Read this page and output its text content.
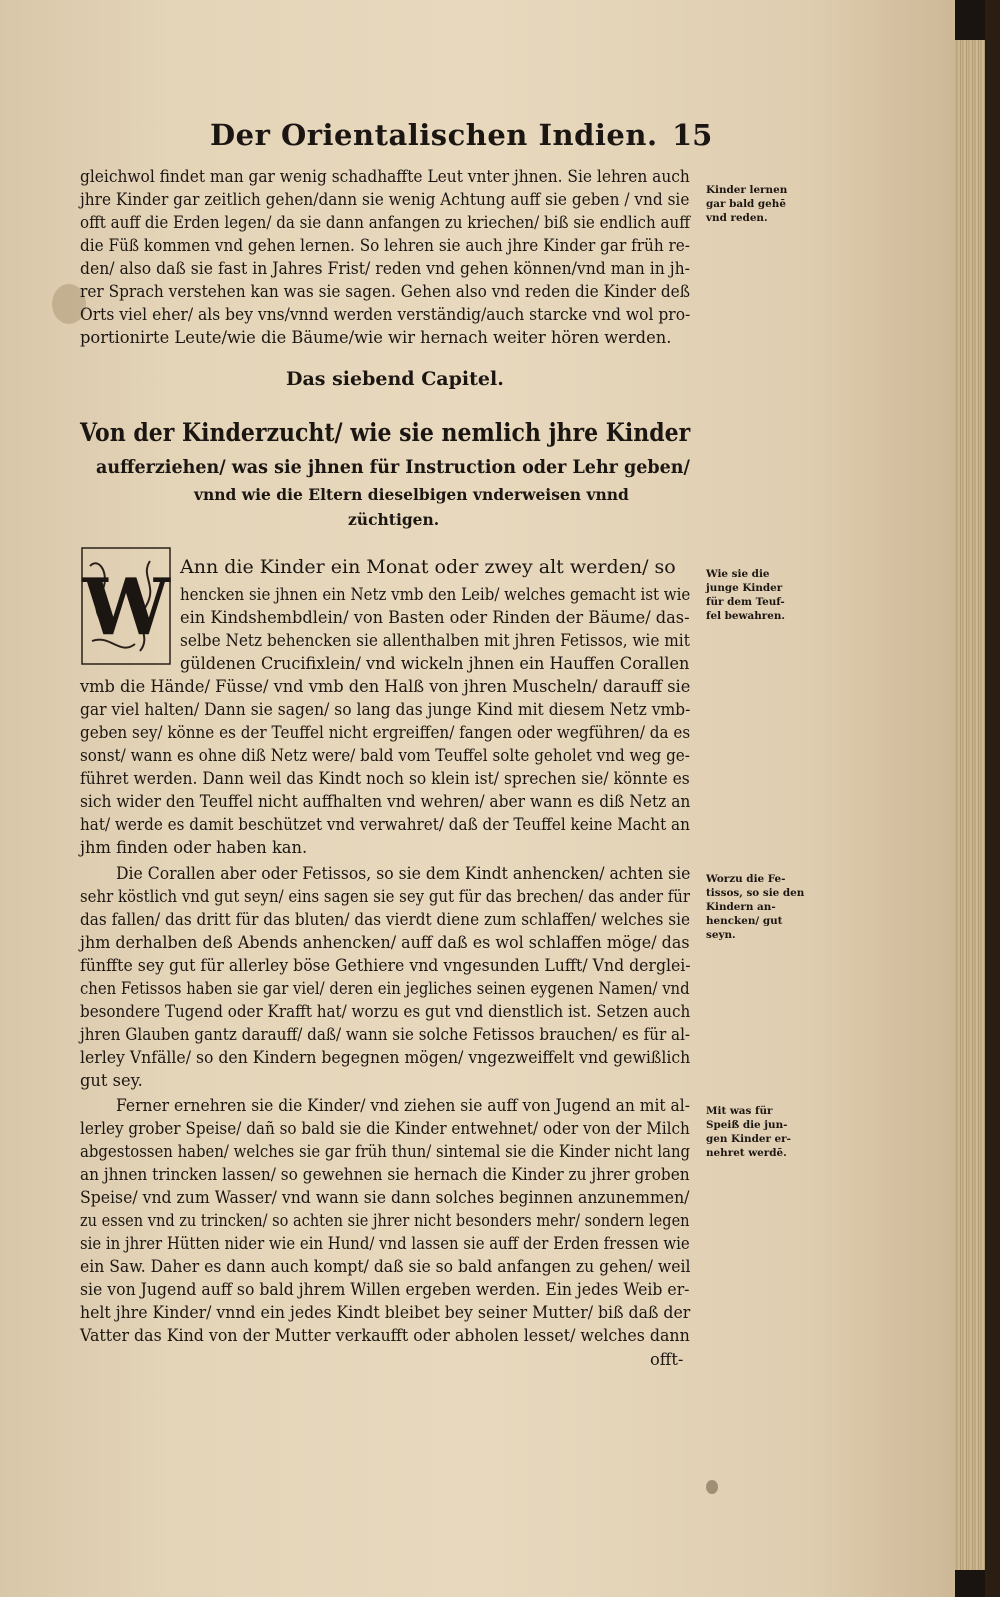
Der Orientalischen Indien. 15
gleichwol findet man gar wenig schadhaffte Leut vnter jhnen. Sie lehren auch
jhre Kinder gar zeitlich gehen/dann sie wenig Achtung auff sie geben / vnd sie
offt auff die Erden legen/ da sie dann anfangen zu kriechen/ biß sie endlich auff
die Füß kommen vnd gehen lernen. So lehren sie auch jhre Kinder gar früh re-
den/ also daß sie fast in Jahres Frist/ reden vnd gehen können/vnd man in jh-
rer Sprach verstehen kan was sie sagen. Gehen also vnd reden die Kinder deß
Orts viel eher/ als bey vns/vnnd werden verständig/auch starcke vnd wol pro-
portionirte Leute/wie die Bäume/wie wir hernach weiter hören werden.
Kinder lernen
gar bald gehē
vnd reden.
Das siebend Capitel.
Von der Kinderzucht/ wie sie nemlich jhre Kinder
aufferziehen/ was sie jhnen für Instruction oder Lehr geben/
vnnd wie die Eltern dieselbigen vnderweisen vnnd
züchtigen.
W Ann die Kinder ein Monat oder zwey alt werden/ so
hencken sie jhnen ein Netz vmb den Leib/ welches gemacht ist wie
ein Kindshembdlein/ von Basten oder Rinden der Bäume/ das-
selbe Netz behencken sie allenthalben mit jhren Fetissos, wie mit
güldenen Crucifixlein/ vnd wickeln jhnen ein Hauffen Corallen
vmb die Hände/ Füsse/ vnd vmb den Halß von jhren Muscheln/ darauff sie
gar viel halten/ Dann sie sagen/ so lang das junge Kind mit diesem Netz vmb-
geben sey/ könne es der Teuffel nicht ergreiffen/ fangen oder wegführen/ da es
sonst/ wann es ohne diß Netz were/ bald vom Teuffel solte geholet vnd weg ge-
führet werden. Dann weil das Kindt noch so klein ist/ sprechen sie/ könnte es
sich wider den Teuffel nicht auffhalten vnd wehren/ aber wann es diß Netz an
hat/ werde es damit beschützet vnd verwahret/ daß der Teuffel keine Macht an
jhm finden oder haben kan.
Wie sie die
junge Kinder
für dem Teuf-
fel bewahren.
Die Corallen aber oder Fetissos, so sie dem Kindt anhencken/ achten sie
sehr köstlich vnd gut seyn/ eins sagen sie sey gut für das brechen/ das ander für
das fallen/ das dritt für das bluten/ das vierdt diene zum schlaffen/ welches sie
jhm derhalben deß Abends anhencken/ auff daß es wol schlaffen möge/ das
fünffte sey gut für allerley böse Gethiere vnd vngesunden Lufft/ Vnd derglei-
chen Fetissos haben sie gar viel/ deren ein jegliches seinen eygenen Namen/ vnd
besondere Tugend oder Krafft hat/ worzu es gut vnd dienstlich ist. Setzen auch
jhren Glauben gantz darauff/ daß/ wann sie solche Fetissos brauchen/ es für al-
lerley Vnfälle/ so den Kindern begegnen mögen/ vngezweiffelt vnd gewißlich
gut sey.
Worzu die Fe-
tissos, so sie den
Kindern an-
hencken/ gut
seyn.
Ferner ernehren sie die Kinder/ vnd ziehen sie auff von Jugend an mit al-
lerley grober Speise/ dañ so bald sie die Kinder entwehnet/ oder von der Milch
abgestossen haben/ welches sie gar früh thun/ sintemal sie die Kinder nicht lang
an jhnen trincken lassen/ so gewehnen sie hernach die Kinder zu jhrer groben
Speise/ vnd zum Wasser/ vnd wann sie dann solches beginnen anzunemmen/
zu essen vnd zu trincken/ so achten sie jhrer nicht besonders mehr/ sondern legen
sie in jhrer Hütten nider wie ein Hund/ vnd lassen sie auff der Erden fressen wie
ein Saw. Daher es dann auch kompt/ daß sie so bald anfangen zu gehen/ weil
sie von Jugend auff so bald jhrem Willen ergeben werden. Ein jedes Weib er-
helt jhre Kinder/ vnnd ein jedes Kindt bleibet bey seiner Mutter/ biß daß der
Vatter das Kind von der Mutter verkaufft oder abholen lesset/ welches dann
Mit was für
Speiß die jun-
gen Kinder er-
nehret werdē.
offt-
